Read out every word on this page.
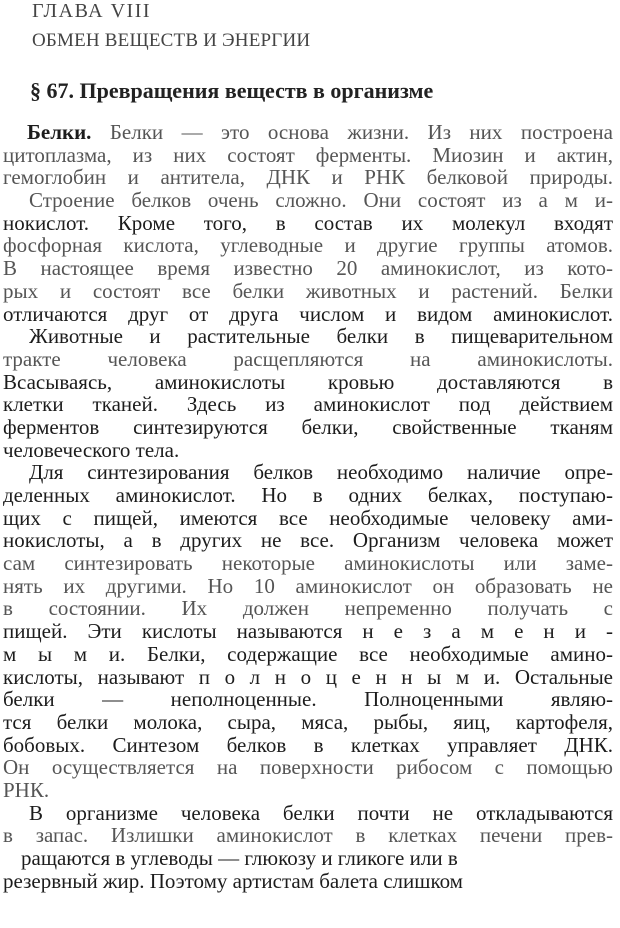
ГЛАВА VIII
ОБМЕН ВЕЩЕСТВ И ЭНЕРГИИ
§ 67. Превращения веществ в организме
Белки. Белки — это основа жизни. Из них построена
цитоплазма, из них состоят ферменты. Миозин и актин,
гемоглобин и антитела, ДНК и РНК белковой природы.
Строение белков очень сложно. Они состоят из а м и-
нокислот. Кроме того, в состав их молекул входят
фосфорная кислота, углеводные и другие группы атомов.
В настоящее время известно 20 аминокислот, из кото-
рых и состоят все белки животных и растений. Белки
отличаются друг от друга числом и видом аминокислот.
Животные и растительные белки в пищеварительном
тракте человека расщепляются на аминокислоты.
Всасываясь, аминокислоты кровью доставляются в
клетки тканей. Здесь из аминокислот под действием
ферментов синтезируются белки, свойственные тканям
человеческого тела.
Для синтезирования белков необходимо наличие опре-
деленных аминокислот. Но в одних белках, поступаю-
щих с пищей, имеются все необходимые человеку ами-
нокислоты, а в других не все. Организм человека может
сам синтезировать некоторые аминокислоты или заме-
нять их другими. Но 10 аминокислот он образовать не
в состоянии. Их должен непременно получать с
пищей. Эти кислоты называются н е з а м е н и -
м ы м и. Белки, содержащие все необходимые амино-
кислоты, называют п о л н о ц е н н ы м и. Остальные
белки — неполноценные. Полноценными являю-
тся белки молока, сыра, мяса, рыбы, яиц, картофеля,
бобовых. Синтезом белков в клетках управляет ДНК.
Он осуществляется на поверхности рибосом с помощью
РНК.
В организме человека белки почти не откладываются
в запас. Излишки аминокислот в клетках печени прев-
ращаются в углеводы — глюкозу и гликоге или в
резервный жир. Поэтому артистам балета слишком
